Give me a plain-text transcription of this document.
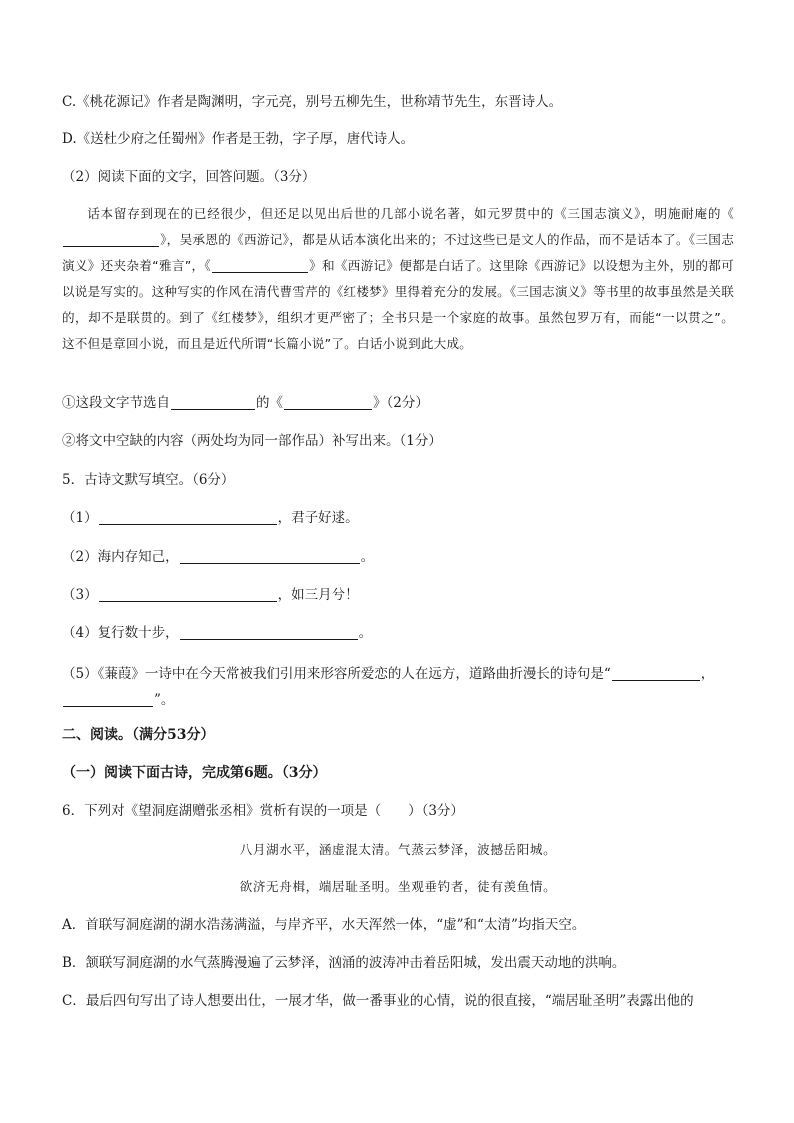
C.《桃花源记》作者是陶渊明，字元亮，别号五柳先生，世称靖节先生，东晋诗人。
D.《送杜少府之任蜀州》作者是王勃，字子厚，唐代诗人。
（2）阅读下面的文字，回答问题。（3分）
话本留存到现在的已经很少，但还足以见出后世的几部小说名著，如元罗贯中的《三国志演义》，明施耐庵的《》，吴承恩的《西游记》，都是从话本演化出来的；不过这些已是文人的作品，而不是话本了。《三国志演义》还夹杂着“雅言”，《	》和《西游记》便都是白话了。这里除《西游记》以设想为主外，别的都可以说是写实的。这种写实的作风在清代曹雪芹的《红楼梦》里得着充分的发展。《三国志演义》等书里的故事虽然是关联的，却不是联贯的。到了《红楼梦》，组织才更严密了；全书只是一个家庭的故事。虽然包罗万有，而能“一以贯之”。这不但是章回小说，而且是近代所谓“长篇小说”了。白话小说到此大成。
①这段文字节选自	的《	》（2分）
②将文中空缺的内容（两处均为同一部作品）补写出来。（1分）
5．古诗文默写填空。（6分）
（1）	，君子好逑。
（2）海内存知己，	。
（3）	，如三月兮！
（4）复行数十步，	。
（5）《蒹葭》一诗中在今天常被我们引用来形容所爱恋的人在远方，道路曲折漫长的诗句是“	，”。
二、阅读。（满分53分）
（一）阅读下面古诗，完成第6题。（3分）
6．下列对《望洞庭湖赠张丞相》赏析有误的一项是（　　）（3分）
八月湖水平，涵虚混太清。气蒸云梦泽，波撼岳阳城。
欲济无舟楫，端居耻圣明。坐观垂钓者，徒有羡鱼情。
A．首联写洞庭湖的湖水浩荡满溢，与岸齐平，水天浑然一体，“虚”和“太清”均指天空。
B．颔联写洞庭湖的水气蒸腾漫遍了云梦泽，汹涌的波涛冲击着岳阳城，发出震天动地的洪响。
C．最后四句写出了诗人想要出仕，一展才华，做一番事业的心情，说的很直接，“端居耻圣明”表露出他的
